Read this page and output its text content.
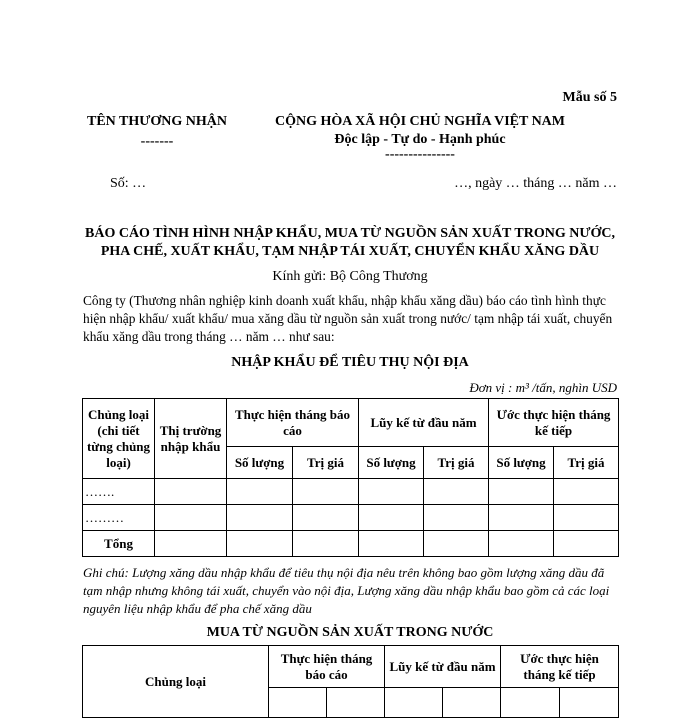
Mẫu số 5
TÊN THƯƠNG NHẬN
-------
CỘNG HÒA XÃ HỘI CHỦ NGHĨA VIỆT NAM
Độc lập - Tự do - Hạnh phúc
---------------
Số: …	…, ngày … tháng … năm …
BÁO CÁO TÌNH HÌNH NHẬP KHẨU, MUA TỪ NGUỒN SẢN XUẤT TRONG NƯỚC,
PHA CHẾ, XUẤT KHẨU, TẠM NHẬP TÁI XUẤT, CHUYỂN KHẨU XĂNG DẦU
Kính gửi: Bộ Công Thương
Công ty (Thương nhân nghiệp kinh doanh xuất khẩu, nhập khẩu xăng dầu) báo cáo tình hình thực hiện nhập khẩu/ xuất khẩu/ mua xăng dầu từ nguồn sản xuất trong nước/ tạm nhập tái xuất, chuyển khẩu xăng dầu trong tháng … năm … như sau:
NHẬP KHẨU ĐỂ TIÊU THỤ NỘI ĐỊA
Đơn vị : m³ /tấn, nghìn USD
Chủng loại (chi tiết từng chủng loại)	Thị trường nhập khẩu	Thực hiện tháng báo cáo		Lũy kế từ đầu năm		Ước thực hiện tháng kế tiếp	
		Số lượng	Trị giá	Số lượng	Trị giá	Số lượng	Trị giá
…….							
………							
Tổng							
Ghi chú: Lượng xăng dầu nhập khẩu để tiêu thụ nội địa nêu trên không bao gồm lượng xăng dầu đã tạm nhập nhưng không tái xuất, chuyển vào nội địa, Lượng xăng dầu nhập khẩu bao gồm cả các loại nguyên liệu nhập khẩu để pha chế xăng dầu
MUA TỪ NGUỒN SẢN XUẤT TRONG NƯỚC
Chủng loại	Thực hiện tháng báo cáo		Lũy kế từ đầu năm		Ước thực hiện tháng kế tiếp	
